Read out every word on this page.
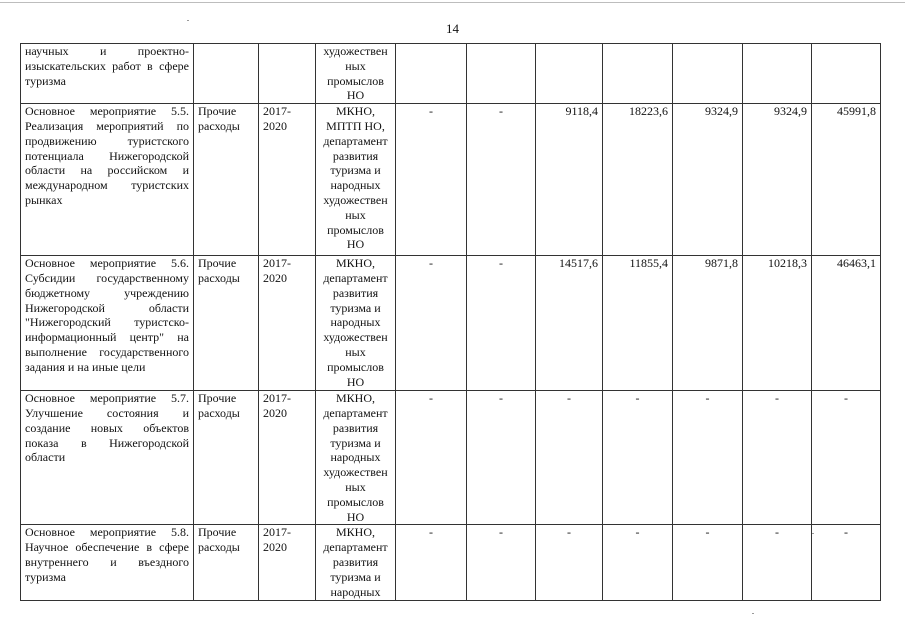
14
научных и проектно-изыскательских работ в сфере туризма			художествен ных промыслов НО							
Основное мероприятие 5.5. Реализация мероприятий по продвижению туристского потенциала Нижегородской области на российском и международном туристских рынках	Прочие расходы	2017-2020	МКНО, МПТП НО, департамент развития туризма и народных художествен ных промыслов НО	-	-	9118,4	18223,6	9324,9	9324,9	45991,8
Основное мероприятие 5.6. Субсидии государственному бюджетному учреждению Нижегородской области "Нижегородский туристско-информационный центр" на выполнение государственного задания и на иные цели	Прочие расходы	2017-2020	МКНО, департамент развития туризма и народных художествен ных промыслов НО	-	-	14517,6	11855,4	9871,8	10218,3	46463,1
Основное мероприятие 5.7. Улучшение состояния и создание новых объектов показа в Нижегородской области	Прочие расходы	2017-2020	МКНО, департамент развития туризма и народных художествен ных промыслов НО	-	-	-	-	-	-	-
Основное мероприятие 5.8. Научное обеспечение в сфере внутреннего и въездного туризма	Прочие расходы	2017-2020	МКНО, департамент развития туризма и народных	-	-	-	-	-	-	-
